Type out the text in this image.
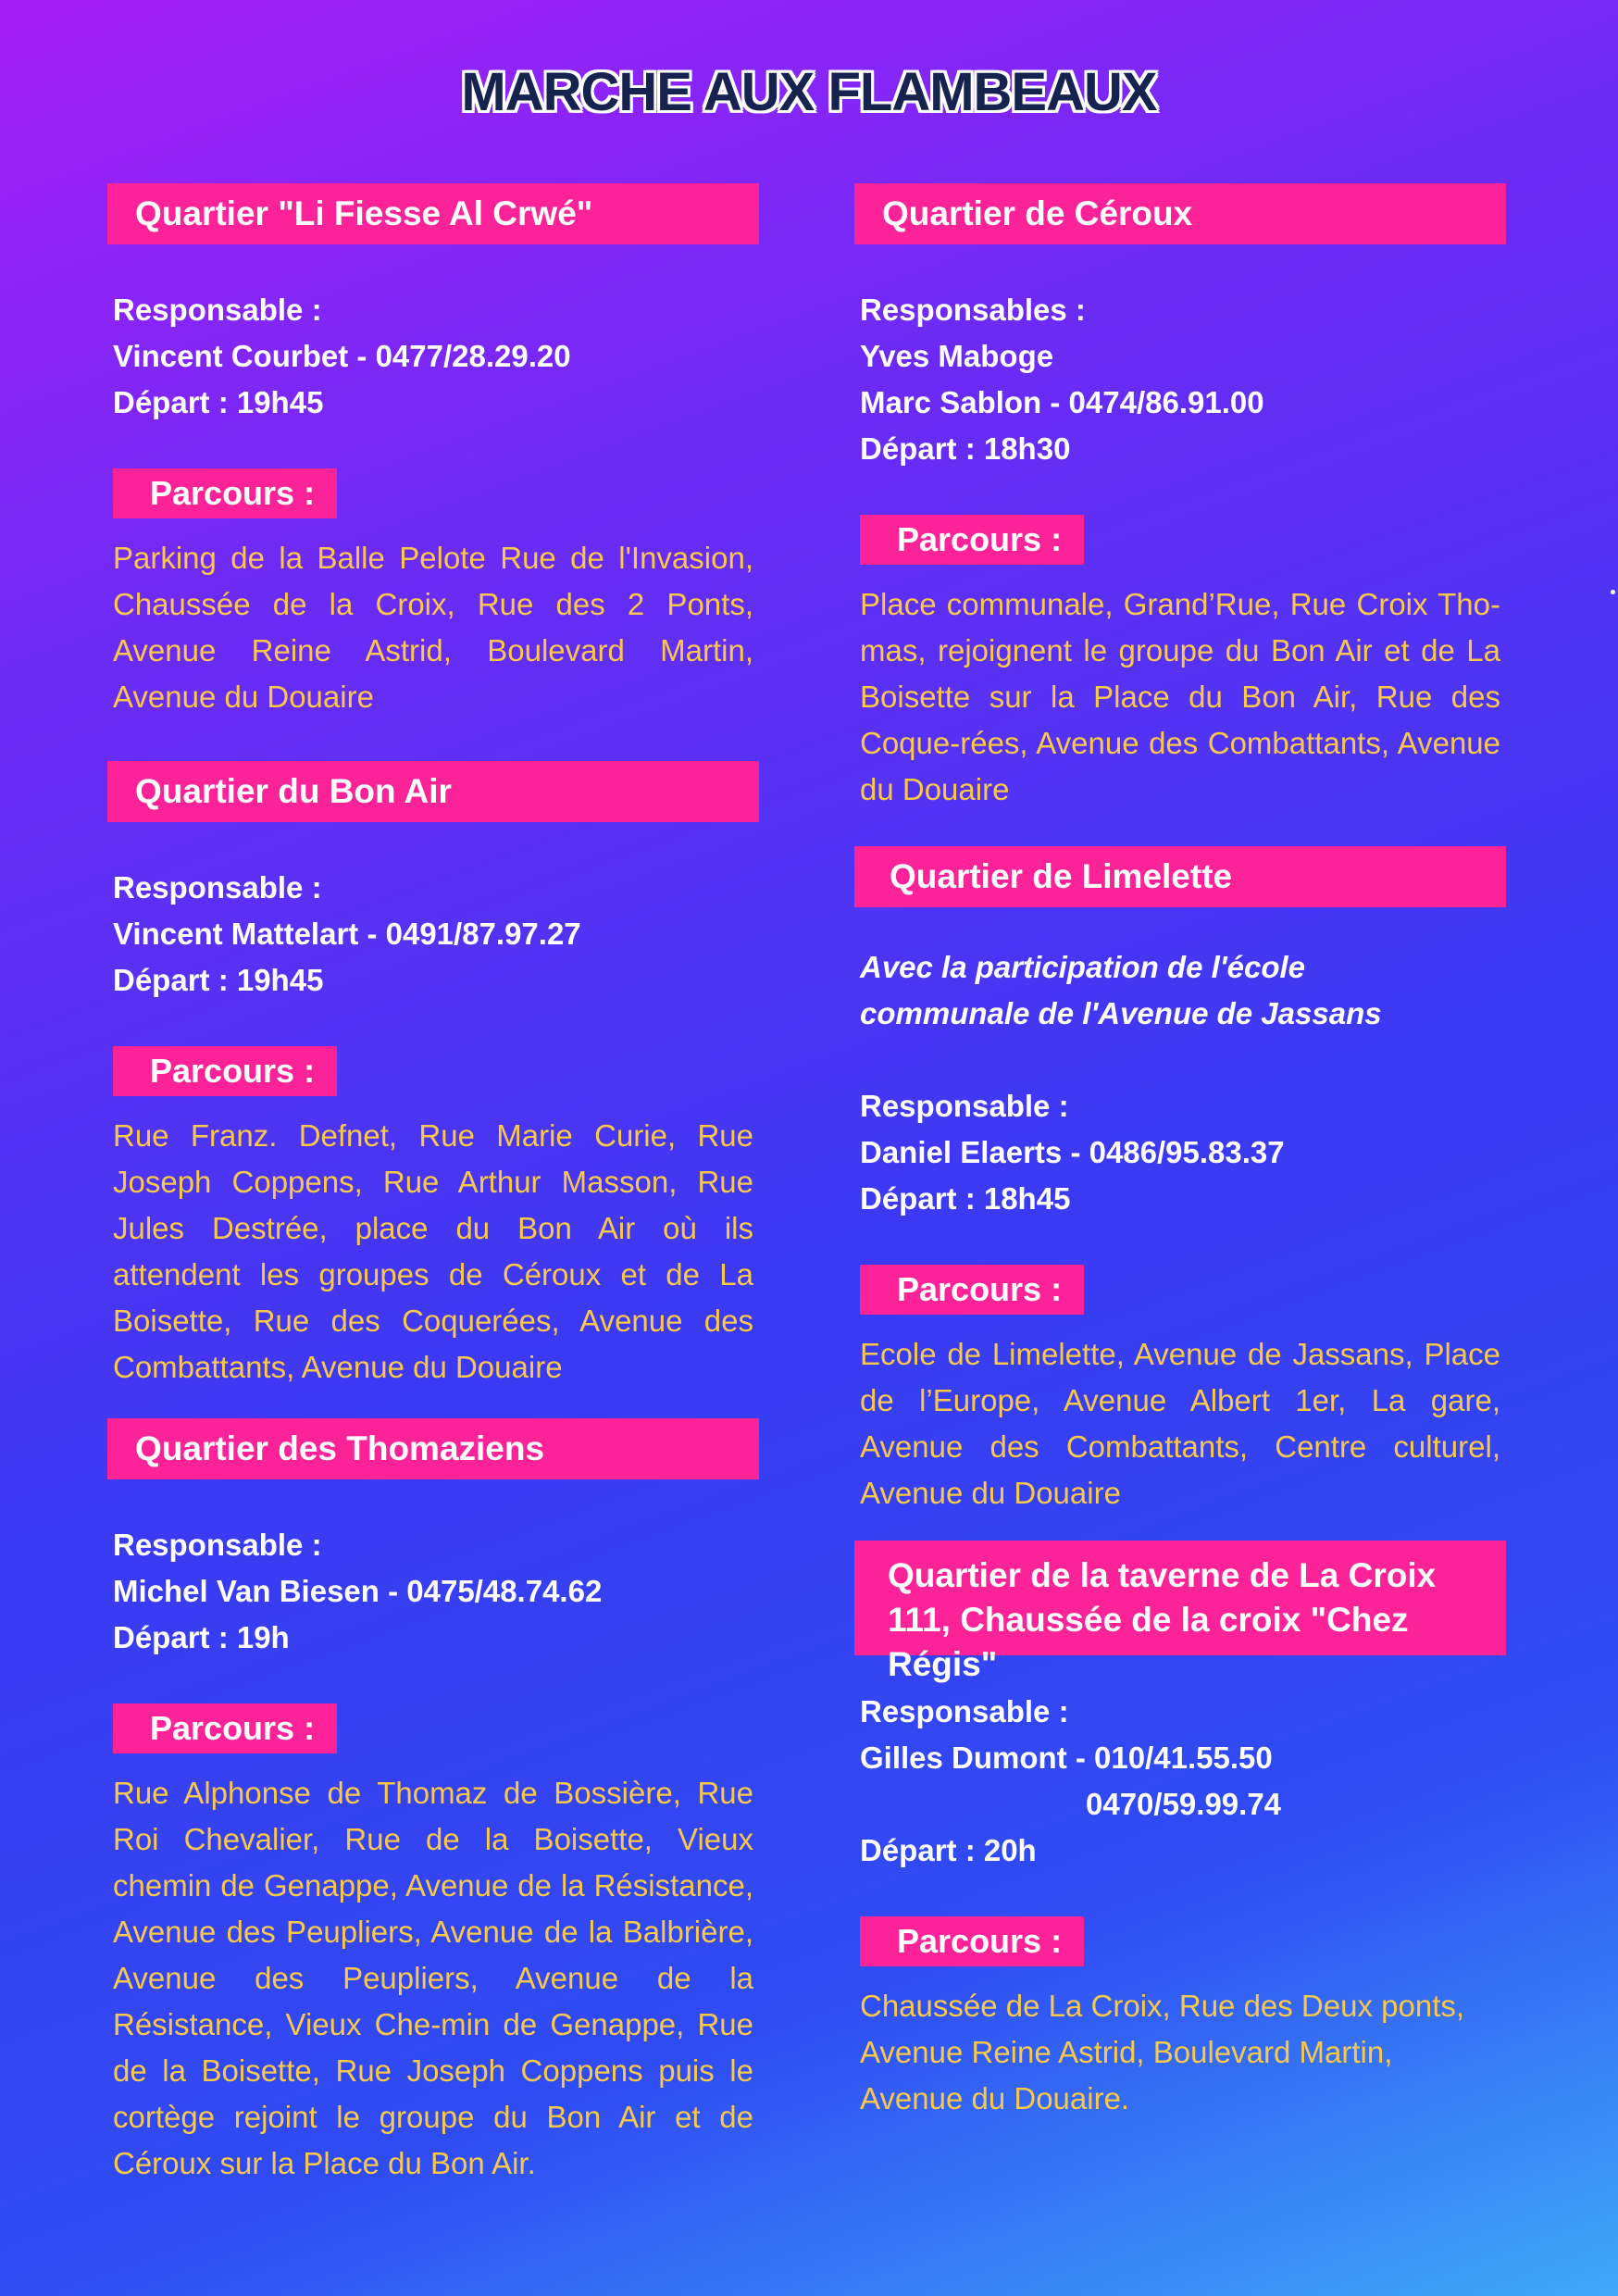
MARCHE AUX FLAMBEAUX
Quartier "Li Fiesse Al Crwé"
Responsable :
Vincent Courbet - 0477/28.29.20
Départ : 19h45
Parcours :
Parking de la Balle Pelote Rue de l'Invasion, Chaussée de la Croix, Rue des 2 Ponts, Avenue Reine Astrid, Boulevard Martin, Avenue du Douaire
Quartier du Bon Air
Responsable :
Vincent Mattelart - 0491/87.97.27
Départ : 19h45
Parcours :
Rue Franz. Defnet, Rue Marie Curie, Rue Joseph Coppens, Rue Arthur Masson, Rue Jules Destrée, place du Bon Air où ils attendent les groupes de Céroux et de La Boisette, Rue des Coquerées, Avenue des Combattants, Avenue du Douaire
Quartier des Thomaziens
Responsable :
Michel Van Biesen - 0475/48.74.62
Départ : 19h
Parcours :
Rue Alphonse de Thomaz de Bossière, Rue Roi Chevalier, Rue de la Boisette, Vieux chemin de Genappe, Avenue de la Résistance, Avenue des Peupliers, Avenue de la Balbrière, Avenue des Peupliers, Avenue de la Résistance, Vieux Che-min de Genappe, Rue de la Boisette, Rue Joseph Coppens puis le cortège rejoint le groupe du Bon Air et de Céroux sur la Place du Bon Air.
Quartier de Céroux
Responsables :
Yves Maboge
Marc Sablon - 0474/86.91.00
Départ : 18h30
Parcours :
Place communale, Grand’Rue, Rue Croix Tho-mas, rejoignent le groupe du Bon Air et de La Boisette sur la Place du Bon Air, Rue des Coque-rées, Avenue des Combattants, Avenue du Douaire
Quartier de Limelette
Avec la participation de l'école
communale de l'Avenue de Jassans
Responsable :
Daniel Elaerts - 0486/95.83.37
Départ : 18h45
Parcours :
Ecole de Limelette, Avenue de Jassans, Place de l’Europe, Avenue Albert 1er, La gare, Avenue des Combattants, Centre culturel, Avenue du Douaire
Quartier de la taverne de La Croix
111, Chaussée de la croix "Chez Régis"
Responsable :
Gilles Dumont - 010/41.55.50
0470/59.99.74
Départ : 20h
Parcours :
Chaussée de La Croix, Rue des Deux ponts, Avenue Reine Astrid, Boulevard Martin, Avenue du Douaire.
